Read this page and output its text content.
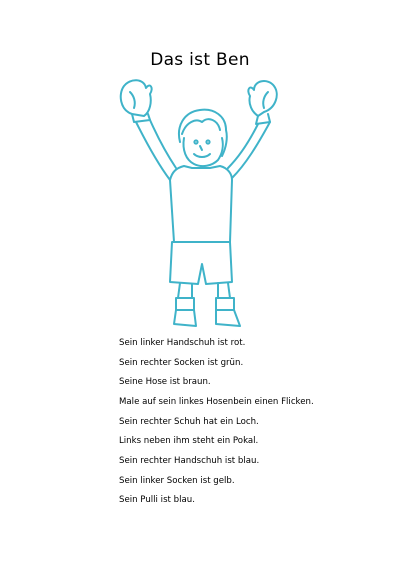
Das ist Ben
Sein linker Handschuh ist rot.
Sein rechter Socken ist grün.
Seine Hose ist braun.
Male auf sein linkes Hosenbein einen Flicken.
Sein rechter Schuh hat ein Loch.
Links neben ihm steht ein Pokal.
Sein rechter Handschuh ist blau.
Sein linker Socken ist gelb.
Sein Pulli ist blau.
